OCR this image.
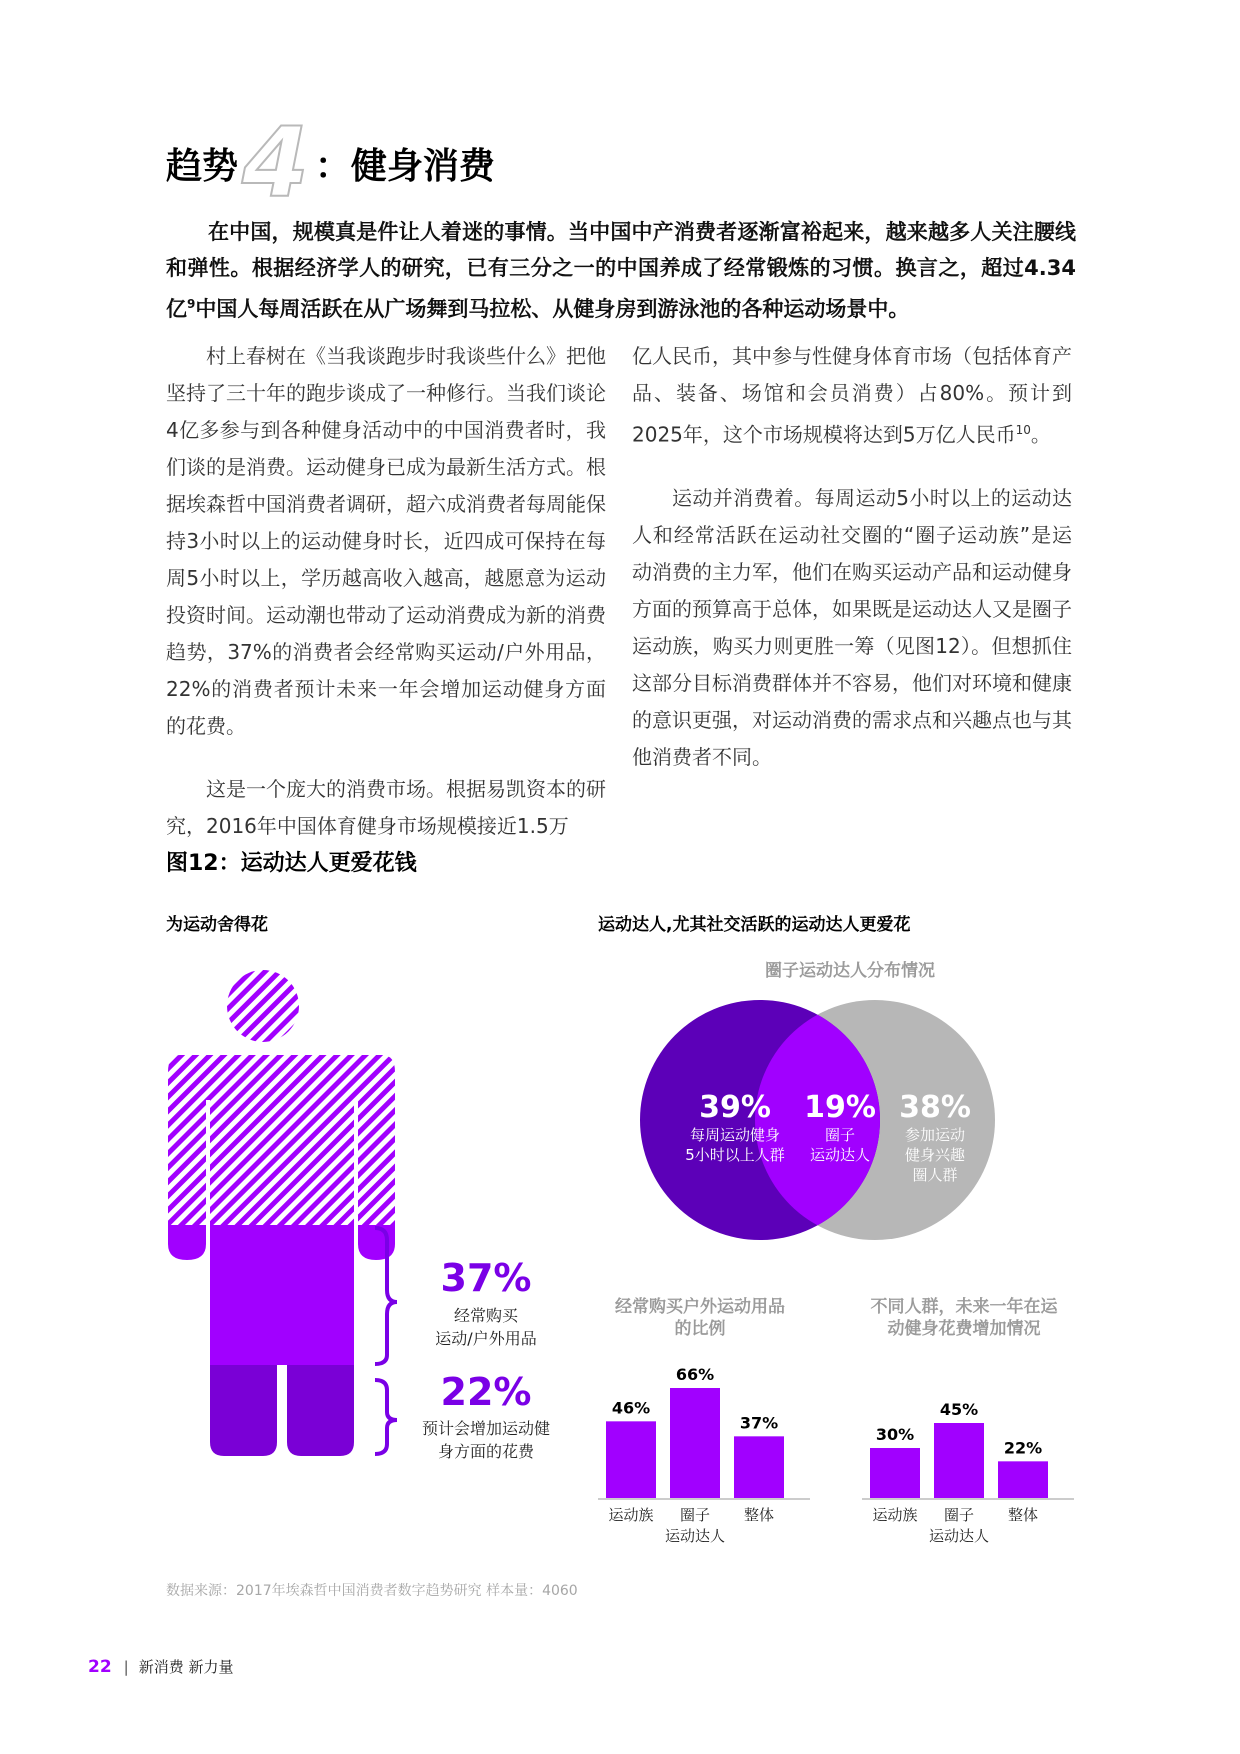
趋势 4 ：健身消费
在中国，规模真是件让人着迷的事情。当中国中产消费者逐渐富裕起来，越来越多人关注腰线和弹性。根据经济学人的研究，已有三分之一的中国养成了经常锻炼的习惯。换言之，超过4.34亿$^9$中国人每周活跃在从广场舞到马拉松、从健身房到游泳池的各种运动场景中。

村上春树在《当我谈跑步时我谈些什么》把他坚持了三十年的跑步谈成了一种修行。当我们谈论4亿多参与到各种健身活动中的中国消费者时，我们谈的是消费。运动健身已成为最新生活方式。根据埃森哲中国消费者调研，超六成消费者每周能保持3小时以上的运动健身时长，近四成可保持在每周5小时以上，学历越高收入越高，越愿意为运动投资时间。运动潮也带动了运动消费成为新的消费趋势，37%的消费者会经常购买运动/户外用品，22%的消费者预计未来一年会增加运动健身方面的花费。

这是一个庞大的消费市场。根据易凯资本的研究，2016年中国体育健身市场规模接近1.5万

亿人民币，其中参与性健身体育市场（包括体育产品、装备、场馆和会员消费）占80%。预计到2025年，这个市场规模将达到5万亿人民币$^{10}$。

运动并消费着。每周运动5小时以上的运动达人和经常活跃在运动社交圈的“圈子运动族”是运动消费的主力军，他们在购买运动产品和运动健身方面的预算高于总体，如果既是运动达人又是圈子运动族，购买力则更胜一筹（见图12）。但想抓住这部分目标消费群体并不容易，他们对环境和健康的意识更强，对运动消费的需求点和兴趣点也与其他消费者不同。

图12：运动达人更爱花钱
为运动舍得花	运动达人,尤其社交活跃的运动达人更爱花
37%
经常购买
运动/户外用品
22%
预计会增加运动健
身方面的花费
圈子运动达人分布情况
39%
每周运动健身
5小时以上人群
19%
圈子
运动达人
38%
参加运动
健身兴趣
圈人群
经常购买户外运动用品的比例
46%
运动族
66%
圈子
运动达人
37%
整体
不同人群，未来一年在运动健身花费增加情况
30%
运动族
45%
圈子
运动达人
22%
整体
数据来源：2017年埃森哲中国消费者数字趋势研究 样本量：4060
22 | 新消费 新力量
